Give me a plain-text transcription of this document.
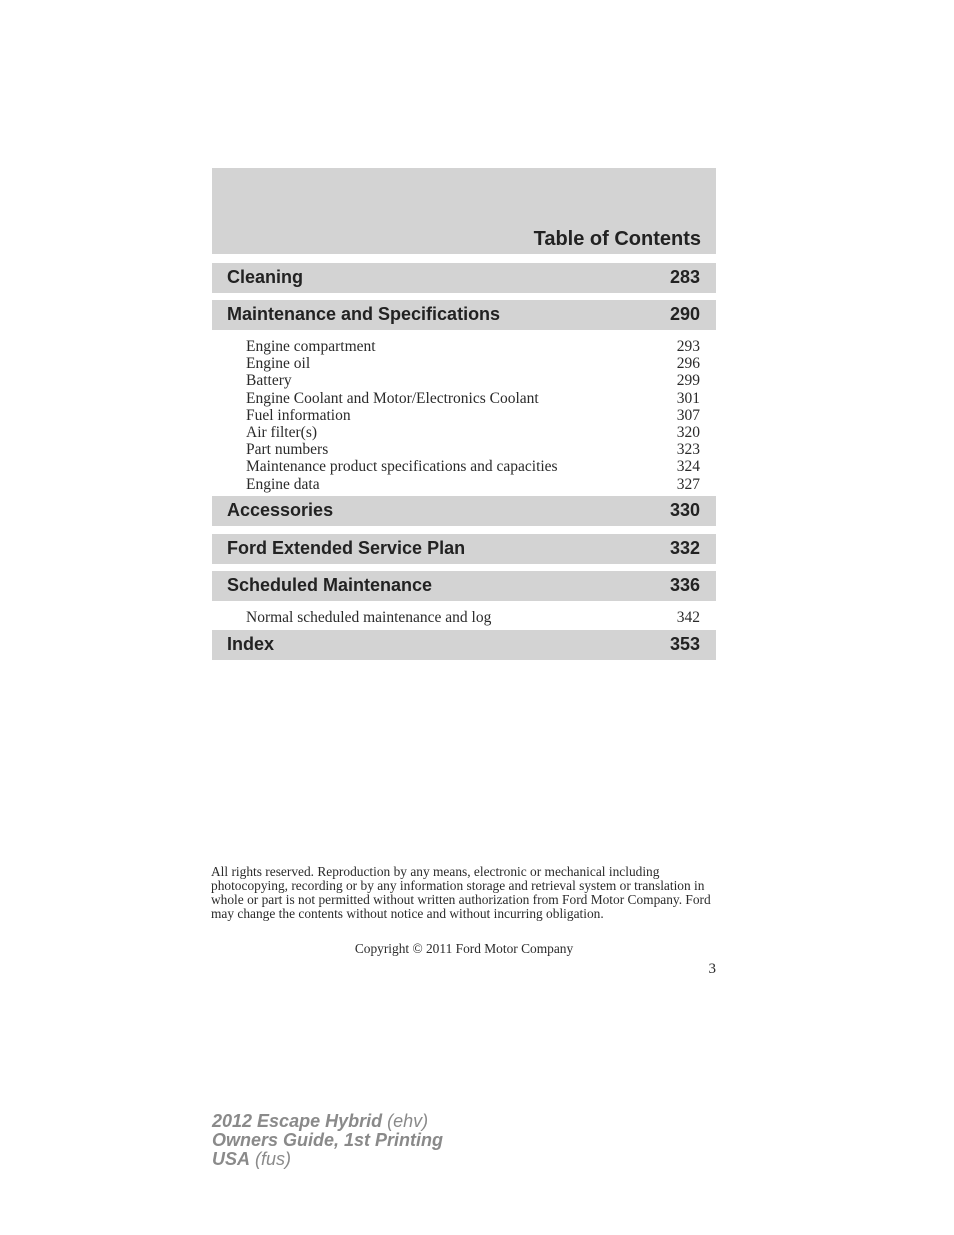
Table of Contents
Cleaning	283
Maintenance and Specifications	290
Engine compartment	293
Engine oil	296
Battery	299
Engine Coolant and Motor/Electronics Coolant	301
Fuel information	307
Air filter(s)	320
Part numbers	323
Maintenance product specifications and capacities	324
Engine data	327
Accessories	330
Ford Extended Service Plan	332
Scheduled Maintenance	336
Normal scheduled maintenance and log	342
Index	353
All rights reserved. Reproduction by any means, electronic or mechanical including photocopying, recording or by any information storage and retrieval system or translation in whole or part is not permitted without written authorization from Ford Motor Company. Ford may change the contents without notice and without incurring obligation.
Copyright © 2011 Ford Motor Company
3
2012 Escape Hybrid (ehv)
Owners Guide, 1st Printing
USA (fus)
